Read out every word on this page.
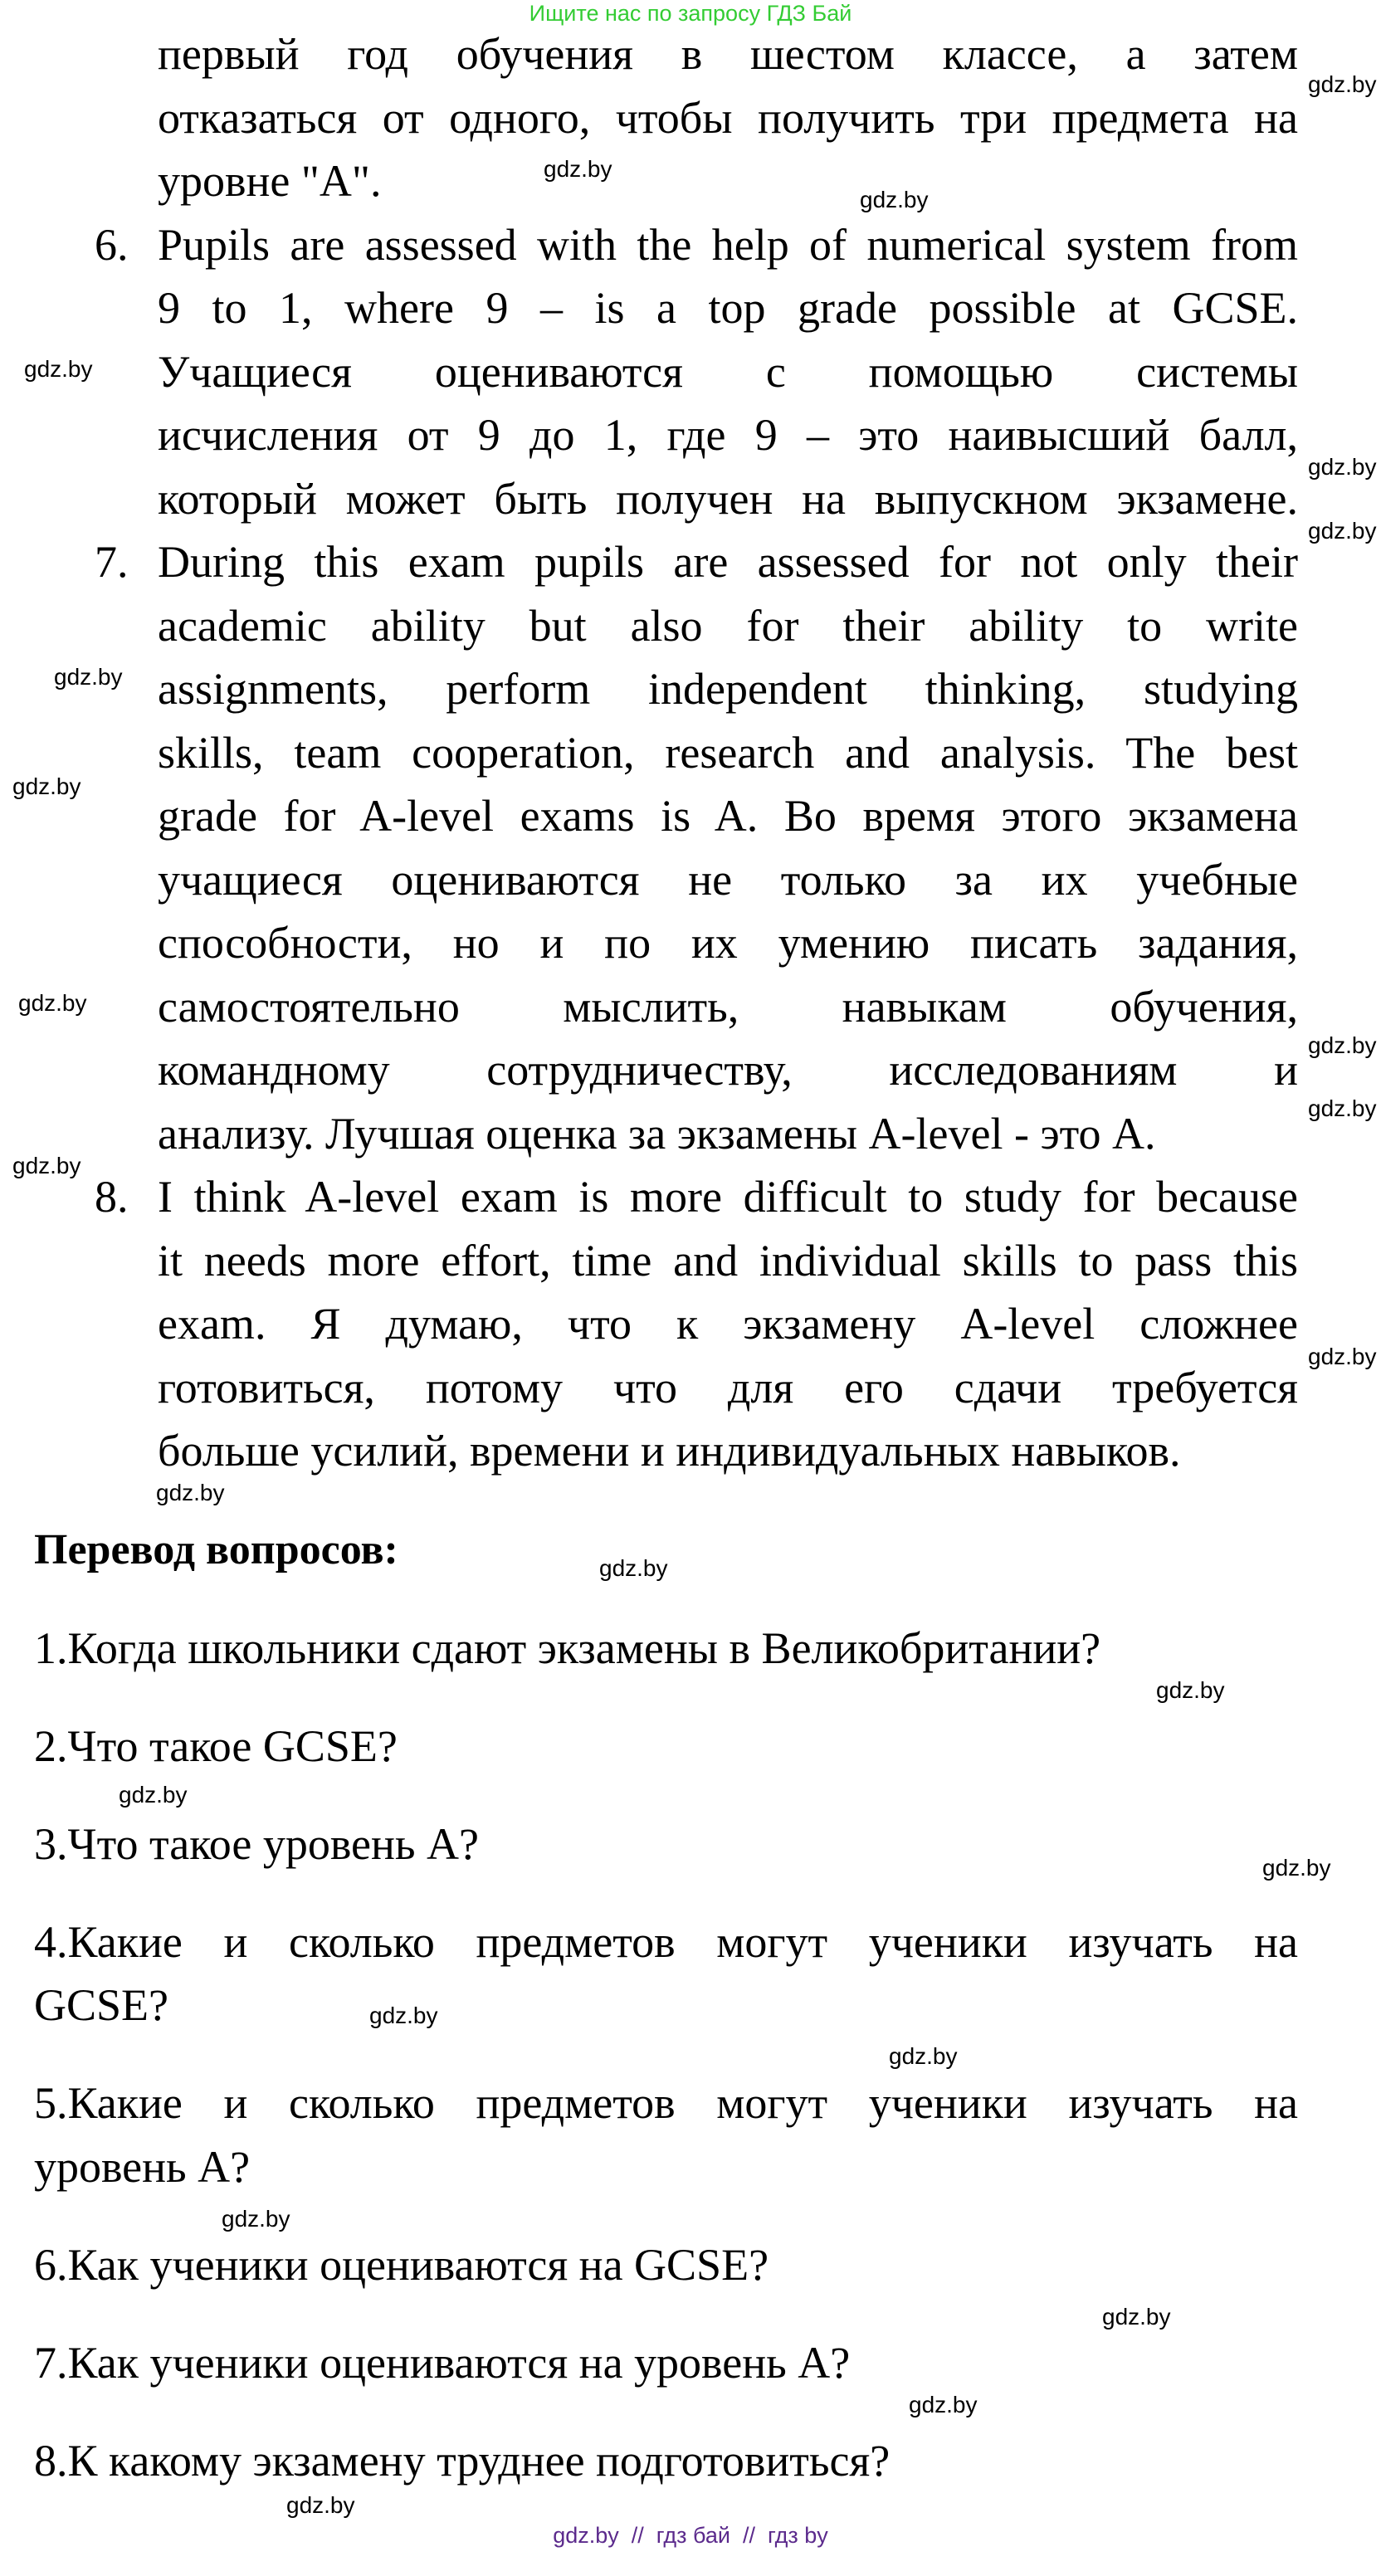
Ищите нас по запросу ГДЗ Бай
первый год обучения в шестом классе, а затем
отказаться от одного, чтобы получить три предмета на
уровне "A".
6. Pupils are assessed with the help of numerical system from
9 to 1, where 9 – is a top grade possible at GCSE.
Учащиеся оцениваются с помощью системы
исчисления от 9 до 1, где 9 – это наивысший балл,
который может быть получен на выпускном экзамене.
7. During this exam pupils are assessed for not only their
academic ability but also for their ability to write
assignments, perform independent thinking, studying
skills, team cooperation, research and analysis. The best
grade for A-level exams is A. Во время этого экзамена
учащиеся оцениваются не только за их учебные
способности, но и по их умению писать задания,
самостоятельно мыслить, навыкам обучения,
командному сотрудничеству, исследованиям и
анализу. Лучшая оценка за экзамены A-level - это A.
8. I think A-level exam is more difficult to study for because
it needs more effort, time and individual skills to pass this
exam. Я думаю, что к экзамену A-level сложнее
готовиться, потому что для его сдачи требуется
больше усилий, времени и индивидуальных навыков.
Перевод вопросов:
1.Когда школьники сдают экзамены в Великобритании?
2.Что такое GCSE?
3.Что такое уровень A?
4.Какие и сколько предметов могут ученики изучать на
GCSE?
5.Какие и сколько предметов могут ученики изучать на
уровень A?
6.Как ученики оцениваются на GCSE?
7.Как ученики оцениваются на уровень A?
8.К какому экзамену труднее подготовиться?
gdz.by
gdz.by
gdz.by
gdz.by
gdz.by
gdz.by
gdz.by
gdz.by
gdz.by
gdz.by
gdz.by
gdz.by
gdz.by
gdz.by
gdz.by
gdz.by
gdz.by
gdz.by
gdz.by
gdz.by
gdz.by
gdz.by
gdz.by
gdz.by
gdz.by  //  гдз бай  //  гдз by
